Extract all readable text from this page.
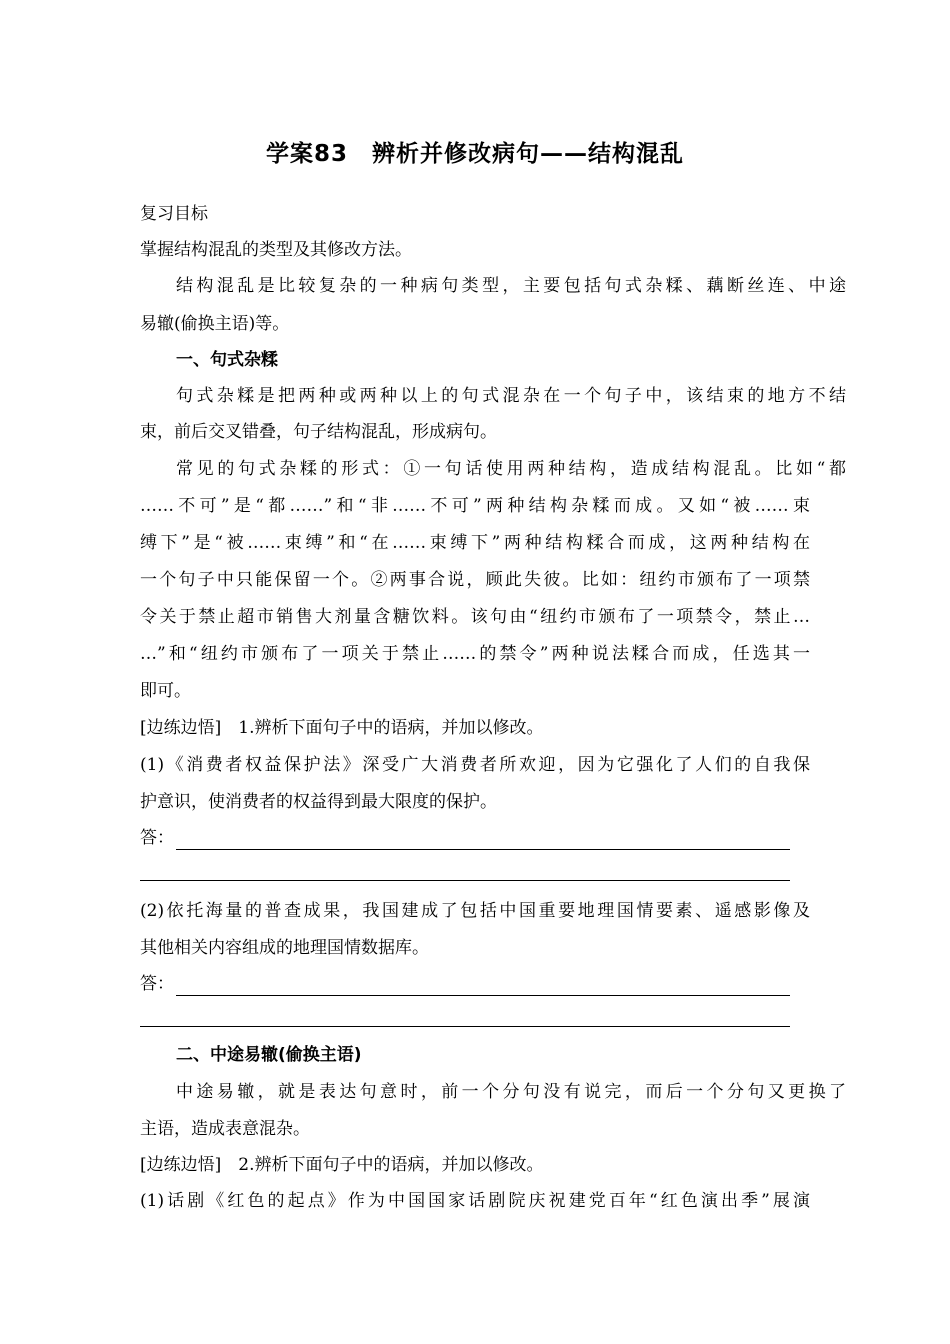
学案83　辨析并修改病句——结构混乱
复习目标
掌握结构混乱的类型及其修改方法。
结构混乱是比较复杂的一种病句类型，主要包括句式杂糅、藕断丝连、中途
易辙(偷换主语)等。
一、句式杂糅
句式杂糅是把两种或两种以上的句式混杂在一个句子中，该结束的地方不结
束，前后交叉错叠，句子结构混乱，形成病句。
常见的句式杂糅的形式：①一句话使用两种结构，造成结构混乱。比如“都
……不可”是“都……”和“非……不可”两种结构杂糅而成。又如“被……束
缚下”是“被……束缚”和“在……束缚下”两种结构糅合而成，这两种结构在
一个句子中只能保留一个。②两事合说，顾此失彼。比如：纽约市颁布了一项禁
令关于禁止超市销售大剂量含糖饮料。该句由“纽约市颁布了一项禁令，禁止…
…”和“纽约市颁布了一项关于禁止……的禁令”两种说法糅合而成，任选其一
即可。
[边练边悟]　1.辨析下面句子中的语病，并加以修改。
(1)《消费者权益保护法》深受广大消费者所欢迎，因为它强化了人们的自我保
护意识，使消费者的权益得到最大限度的保护。
答：
(2)依托海量的普查成果，我国建成了包括中国重要地理国情要素、遥感影像及
其他相关内容组成的地理国情数据库。
答：
二、中途易辙(偷换主语)
中途易辙，就是表达句意时，前一个分句没有说完，而后一个分句又更换了
主语，造成表意混杂。
[边练边悟]　2.辨析下面句子中的语病，并加以修改。
(1)话剧《红色的起点》作为中国国家话剧院庆祝建党百年“红色演出季”展演
